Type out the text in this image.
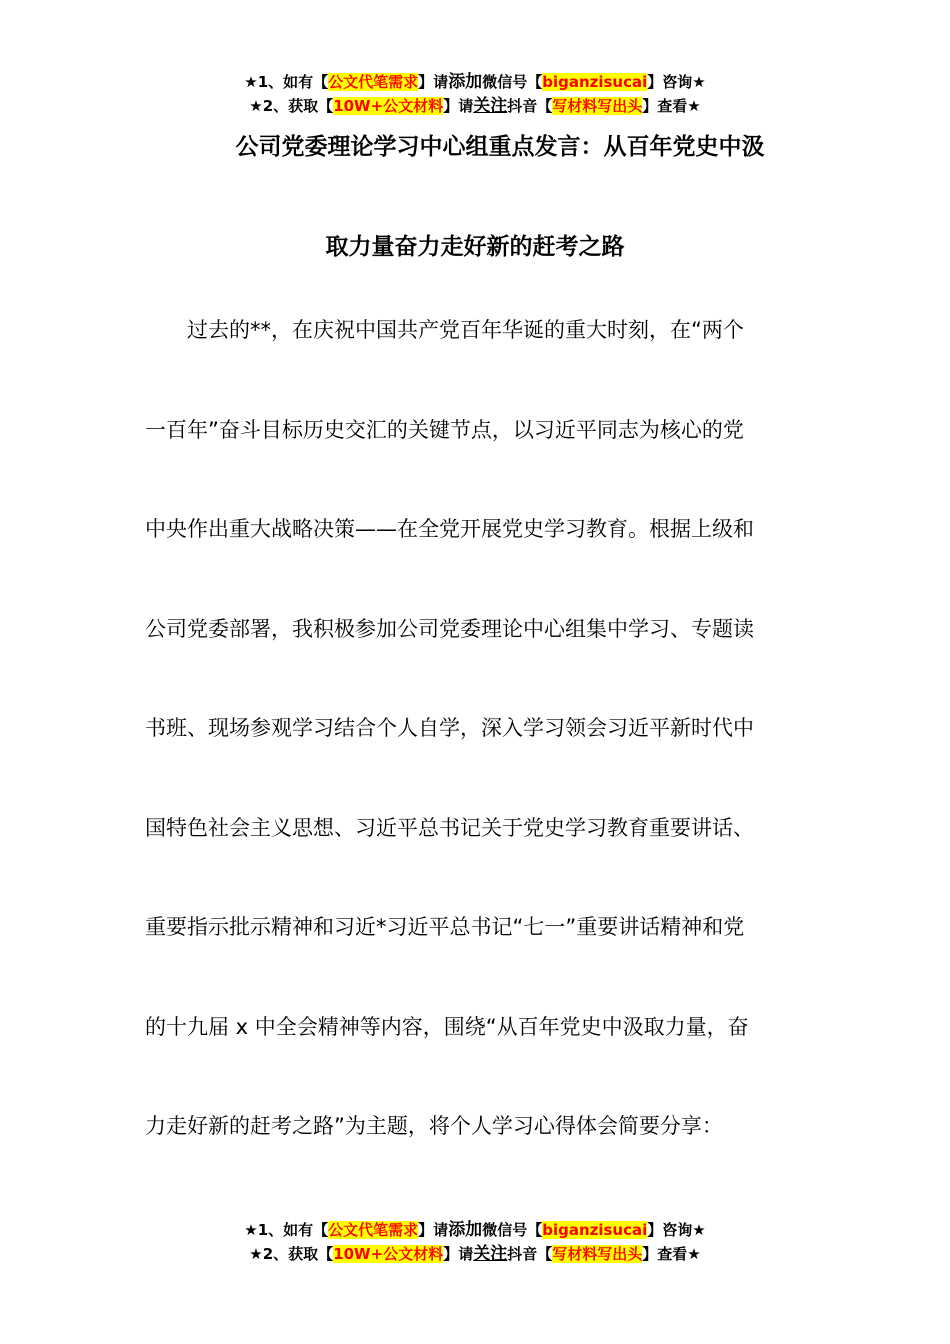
★1、如有【公文代笔需求】请添加微信号【biganzisucai】咨询★
★2、获取【10W+公文材料】请关注抖音【写材料写出头】查看★
公司党委理论学习中心组重点发言：从百年党史中汲
取力量奋力走好新的赶考之路
过去的**，在庆祝中国共产党百年华诞的重大时刻，在“两个
一百年”奋斗目标历史交汇的关键节点，以习近平同志为核心的党
中央作出重大战略决策——在全党开展党史学习教育。根据上级和
公司党委部署，我积极参加公司党委理论中心组集中学习、专题读
书班、现场参观学习结合个人自学，深入学习领会习近平新时代中
国特色社会主义思想、习近平总书记关于党史学习教育重要讲话、
重要指示批示精神和习近*习近平总书记“七一”重要讲话精神和党
的十九届 x 中全会精神等内容，围绕“从百年党史中汲取力量，奋
力走好新的赶考之路”为主题，将个人学习心得体会简要分享：
★1、如有【公文代笔需求】请添加微信号【biganzisucai】咨询★
★2、获取【10W+公文材料】请关注抖音【写材料写出头】查看★
